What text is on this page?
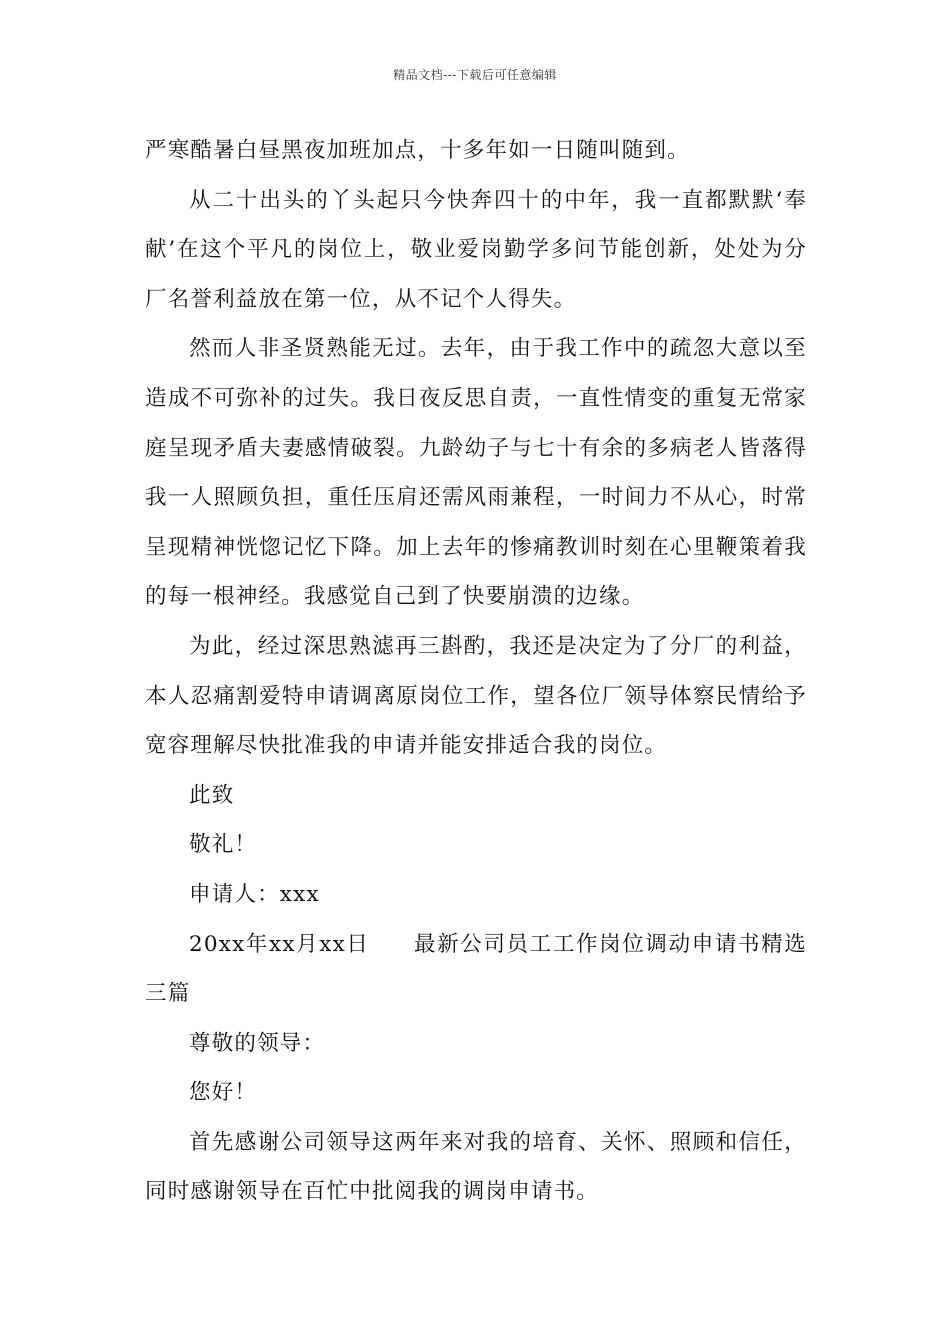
精品文档---下载后可任意编辑

严寒酷暑白昼黑夜加班加点，十多年如一日随叫随到。

从二十出头的丫头起只今快奔四十的中年，我一直都默默‘奉献’在这个平凡的岗位上，敬业爱岗勤学多问节能创新，处处为分厂名誉利益放在第一位，从不记个人得失。

然而人非圣贤熟能无过。去年，由于我工作中的疏忽大意以至造成不可弥补的过失。我日夜反思自责，一直性情变的重复无常家庭呈现矛盾夫妻感情破裂。九龄幼子与七十有余的多病老人皆落得我一人照顾负担，重任压肩还需风雨兼程，一时间力不从心，时常呈现精神恍惚记忆下降。加上去年的惨痛教训时刻在心里鞭策着我的每一根神经。我感觉自己到了快要崩溃的边缘。

为此，经过深思熟滤再三斟酌，我还是决定为了分厂的利益，本人忍痛割爱特申请调离原岗位工作，望各位厂领导体察民情给予宽容理解尽快批准我的申请并能安排适合我的岗位。

此致

敬礼！

申请人：xxx

20xx年xx月xx日 最新公司员工工作岗位调动申请书精选三篇

尊敬的领导：

您好！

首先感谢公司领导这两年来对我的培育、关怀、照顾和信任，同时感谢领导在百忙中批阅我的调岗申请书。
